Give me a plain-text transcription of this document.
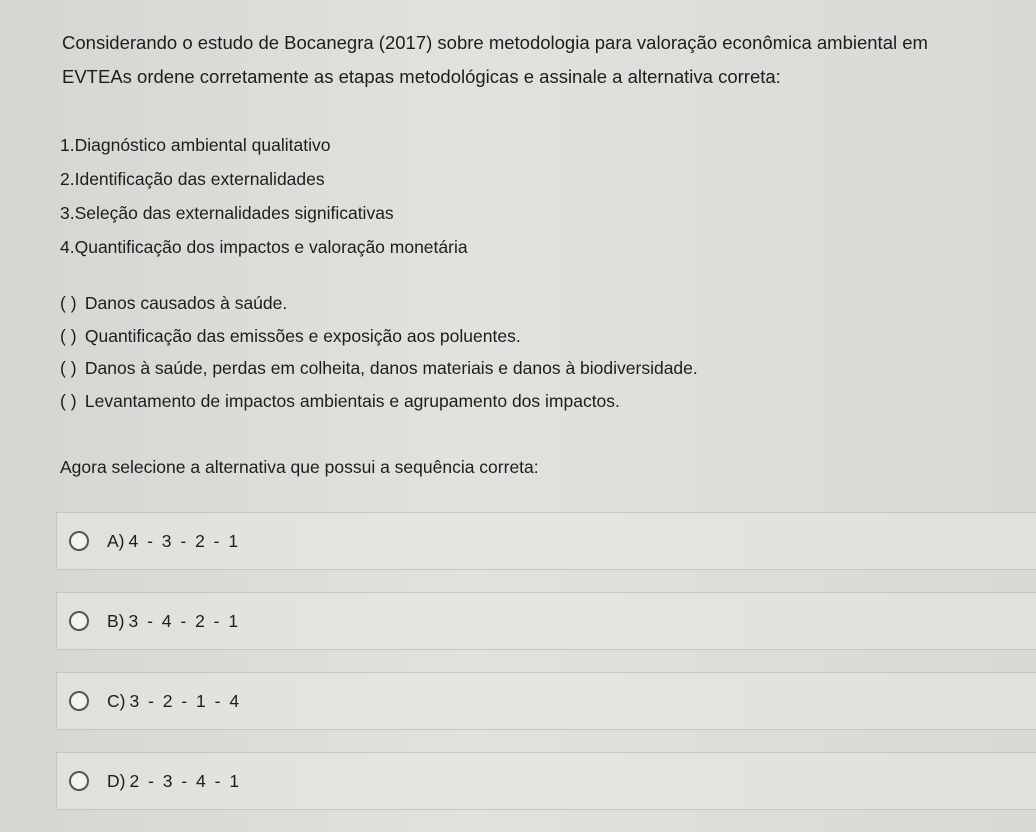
Considerando o estudo de Bocanegra (2017) sobre metodologia para valoração econômica ambiental em
EVTEAs ordene corretamente as etapas metodológicas e assinale a alternativa correta:
1.Diagnóstico ambiental qualitativo
2.Identificação das externalidades
3.Seleção das externalidades significativas
4.Quantificação dos impactos e valoração monetária
( ) Danos causados à saúde.
( ) Quantificação das emissões e exposição aos poluentes.
( ) Danos à saúde, perdas em colheita, danos materiais e danos à biodiversidade.
( ) Levantamento de impactos ambientais e agrupamento dos impactos.
Agora selecione a alternativa que possui a sequência correta:
A) 4 - 3 - 2 - 1
B) 3 - 4 - 2 - 1
C) 3 - 2 - 1 - 4
D) 2 - 3 - 4 - 1
